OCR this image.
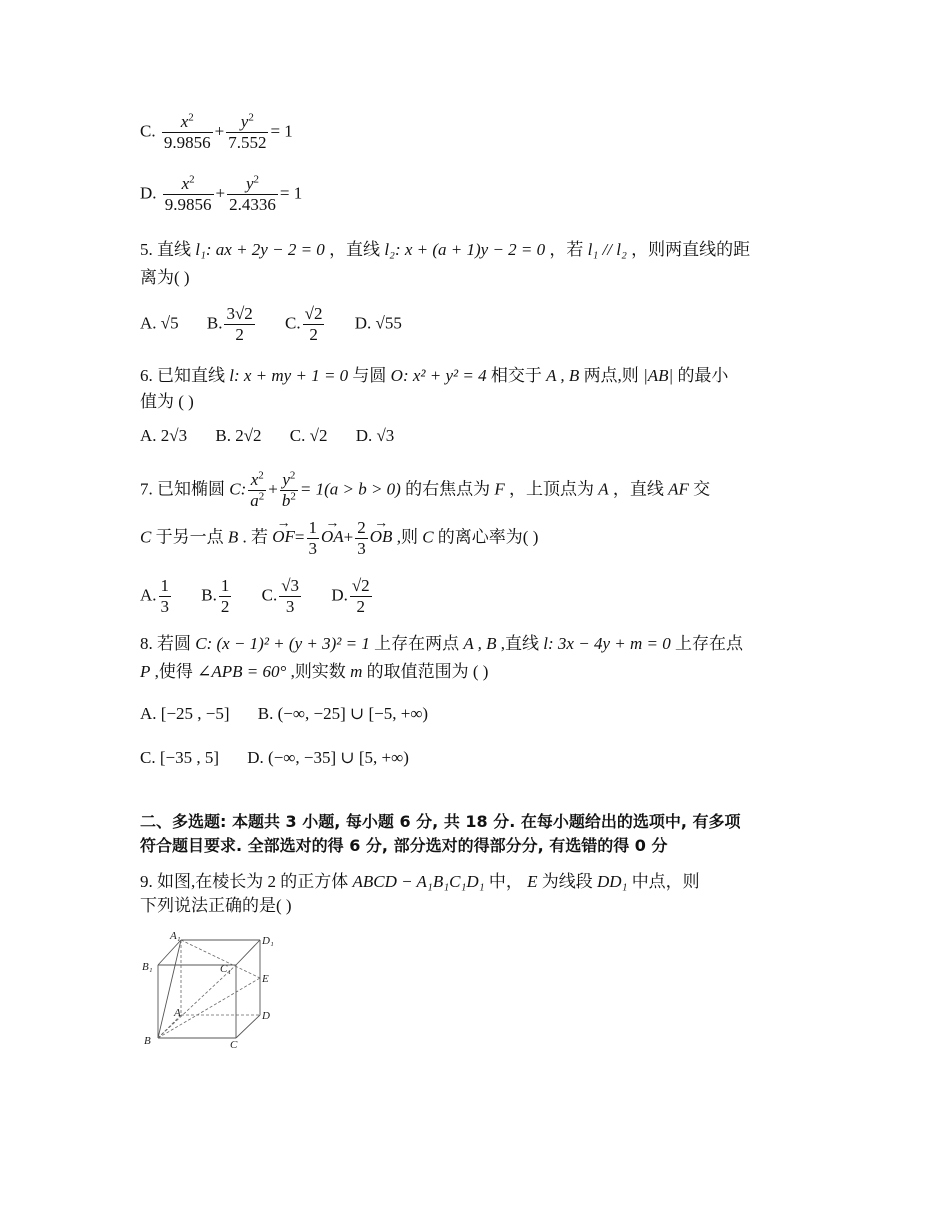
C. $\frac{x^2}{9.9856} + \frac{y^2}{7.552} = 1$
D. $\frac{x^2}{9.9856} + \frac{y^2}{2.4336} = 1$
5. 直线 l₁: ax + 2y − 2 = 0 ，直线 l₂: x + (a + 1)y − 2 = 0 ，若 l₁ // l₂ ，则两直线的距
离为( )
A. √5 B. $\frac{3√2}{2} C$. $\frac{√2}{2} D$. √55
6. 已知直线 l: x + my + 1 = 0 与圆 O: x² + y² = 4 相交于 A , B 两点,则 |AB| 的最小
值为 ( )
A. 2√3 B. 2√2 C. √2 D. √3
7. 已知椭圆 C: $\frac{x^2}{a^2} + \frac{y^2}{b^2} = 1(a > b > 0)$ 的右焦点为 F ，上顶点为 A ，直线 AF 交
C 于另一点 B . 若 → $OF= \frac{1}{3}$
→ $OA+ \frac{2}{3}$
→ OB ,则 C 的离心率为( )
A. $\frac{1}{3} B$. $\frac{1}{2} C$. $\frac{√3}{3} D$. $\frac{√2}{2}$
8. 若圆 C: (x − 1)² + (y + 3)² = 1 上存在两点 A , B ,直线 l: 3x − 4y + m = 0 上存在点
P ,使得 ∠APB = 60° ,则实数 m 的取值范围为 ( )
A. [−25 , −5] B. (−∞, −25] ∪ [−5, +∞)
C. [−35 , 5] D. (−∞, −35] ∪ [5, +∞)
二、多选题: 本题共 3 小题, 每小题 6 分, 共 18 分. 在每小题给出的选项中, 有多项
符合题目要求. 全部选对的得 6 分, 部分选对的得部分分, 有选错的得 0 分
9. 如图,在棱长为 2 的正方体 ABCD − A₁B₁C₁D₁ 中， E 为线段 DD₁ 中点，则
下列说法正确的是( )
A₁	D₁
B₁	C₁
E
A	D
B	C
